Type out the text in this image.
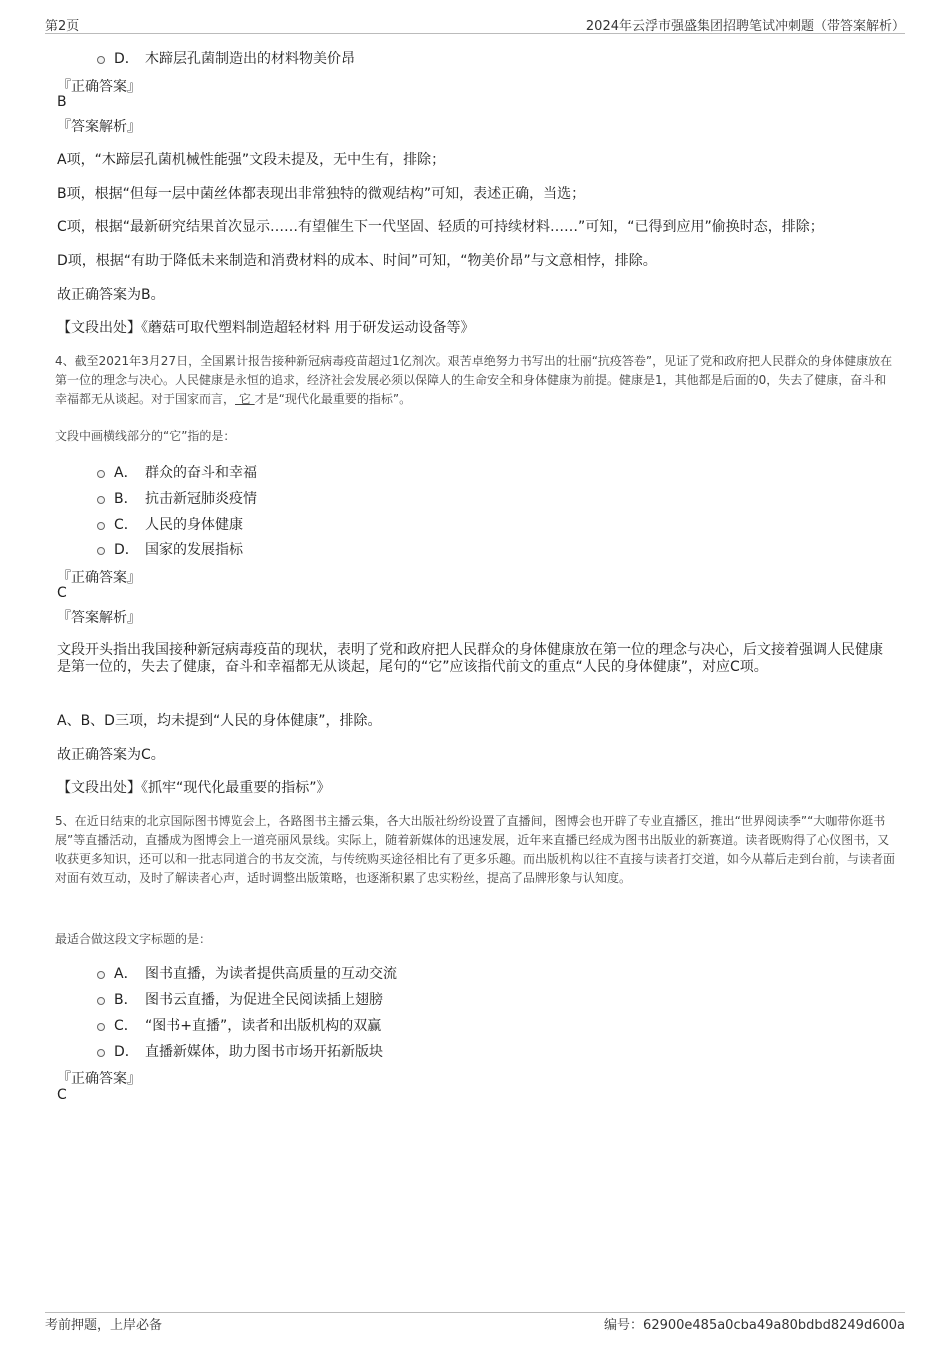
第2页	2024年云浮市强盛集团招聘笔试冲刺题（带答案解析）
D． 木蹄层孔菌制造出的材料物美价昂
『正确答案』
B
『答案解析』
A项，“木蹄层孔菌机械性能强”文段未提及，无中生有，排除；
B项，根据“但每一层中菌丝体都表现出非常独特的微观结构”可知，表述正确，当选；
C项，根据“最新研究结果首次显示……有望催生下一代坚固、轻质的可持续材料……”可知，“已得到应用”偷换时态，排除；
D项，根据“有助于降低未来制造和消费材料的成本、时间”可知，“物美价昂”与文意相悖，排除。
故正确答案为B。
【文段出处】《蘑菇可取代塑料制造超轻材料 用于研发运动设备等》
4、截至2021年3月27日，全国累计报告接种新冠病毒疫苗超过1亿剂次。艰苦卓绝努力书写出的壮丽“抗疫答卷”，见证了党和政府把人民群众的身体健康放在第一位的理念与决心。人民健康是永恒的追求，经济社会发展必须以保障人的生命安全和身体健康为前提。健康是1，其他都是后面的0，失去了健康，奋斗和幸福都无从谈起。对于国家而言， 它 才是“现代化最重要的指标”。
文段中画横线部分的“它”指的是：
A． 群众的奋斗和幸福
B． 抗击新冠肺炎疫情
C． 人民的身体健康
D． 国家的发展指标
『正确答案』
C
『答案解析』
文段开头指出我国接种新冠病毒疫苗的现状，表明了党和政府把人民群众的身体健康放在第一位的理念与决心，后文接着强调人民健康是第一位的，失去了健康，奋斗和幸福都无从谈起，尾句的“它”应该指代前文的重点“人民的身体健康”，对应C项。
A、B、D三项，均未提到“人民的身体健康”，排除。
故正确答案为C。
【文段出处】《抓牢“现代化最重要的指标”》
5、在近日结束的北京国际图书博览会上，各路图书主播云集，各大出版社纷纷设置了直播间，图博会也开辟了专业直播区，推出“世界阅读季”“大咖带你逛书展”等直播活动，直播成为图博会上一道亮丽风景线。实际上，随着新媒体的迅速发展，近年来直播已经成为图书出版业的新赛道。读者既购得了心仪图书，又收获更多知识，还可以和一批志同道合的书友交流，与传统购买途径相比有了更多乐趣。而出版机构以往不直接与读者打交道，如今从幕后走到台前，与读者面对面有效互动，及时了解读者心声，适时调整出版策略，也逐渐积累了忠实粉丝，提高了品牌形象与认知度。
最适合做这段文字标题的是：
A． 图书直播，为读者提供高质量的互动交流
B． 图书云直播，为促进全民阅读插上翅膀
C． “图书+直播”，读者和出版机构的双赢
D． 直播新媒体，助力图书市场开拓新版块
『正确答案』
C
考前押题，上岸必备	编号：62900e485a0cba49a80bdbd8249d600a
